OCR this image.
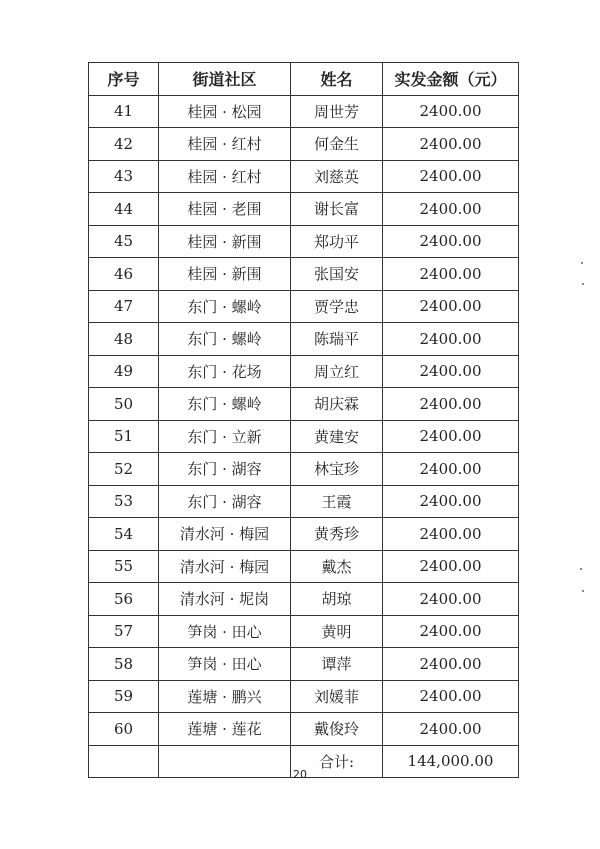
序号	街道社区	姓名	实发金额（元）
41	桂园 · 松园	周世芳	2400.00
42	桂园 · 红村	何金生	2400.00
43	桂园 · 红村	刘慈英	2400.00
44	桂园 · 老围	谢长富	2400.00
45	桂园 · 新围	郑功平	2400.00
46	桂园 · 新围	张国安	2400.00
47	东门 · 螺岭	贾学忠	2400.00
48	东门 · 螺岭	陈瑞平	2400.00
49	东门 · 花场	周立红	2400.00
50	东门 · 螺岭	胡庆霖	2400.00
51	东门 · 立新	黄建安	2400.00
52	东门 · 湖容	林宝珍	2400.00
53	东门 · 湖容	王霞	2400.00
54	清水河 · 梅园	黄秀珍	2400.00
55	清水河 · 梅园	戴杰	2400.00
56	清水河 · 坭岗	胡琼	2400.00
57	笋岗 · 田心	黄明	2400.00
58	笋岗 · 田心	谭萍	2400.00
59	莲塘 · 鹏兴	刘媛菲	2400.00
60	莲塘 · 莲花	戴俊玲	2400.00
		合计:	144,000.00
20
